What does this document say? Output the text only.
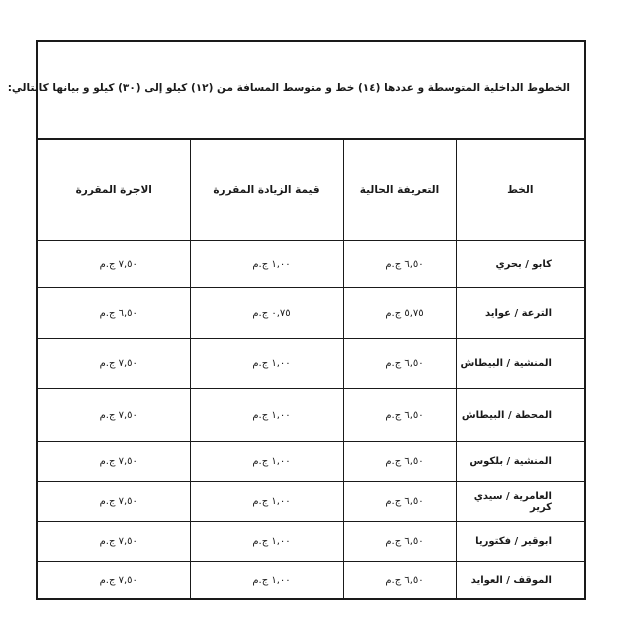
الخطوط الداخلية المتوسطة و عددها (١٤) خط و متوسط المسافة من (١٢) كيلو إلى (٣٠) كيلو و بيانها كالتالي:
الخط	التعريفة الحالية	قيمة الزيادة المقررة	الاجرة المقررة
كابو / بحري	٦,٥٠ ج.م	١,٠٠ ج.م	٧,٥٠ ج.م
الترعة / عوايد	٥,٧٥ ج.م	٠,٧٥ ج.م	٦,٥٠ ج.م
المنشية / البيطاش	٦,٥٠ ج.م	١,٠٠ ج.م	٧,٥٠ ج.م
المحطة / البيطاش	٦,٥٠ ج.م	١,٠٠ ج.م	٧,٥٠ ج.م
المنشية / بلكوس	٦,٥٠ ج.م	١,٠٠ ج.م	٧,٥٠ ج.م
العامرية / سيدي كرير	٦,٥٠ ج.م	١,٠٠ ج.م	٧,٥٠ ج.م
ابوقير / فكتوريا	٦,٥٠ ج.م	١,٠٠ ج.م	٧,٥٠ ج.م
الموقف / العوايد	٦,٥٠ ج.م	١,٠٠ ج.م	٧,٥٠ ج.م
